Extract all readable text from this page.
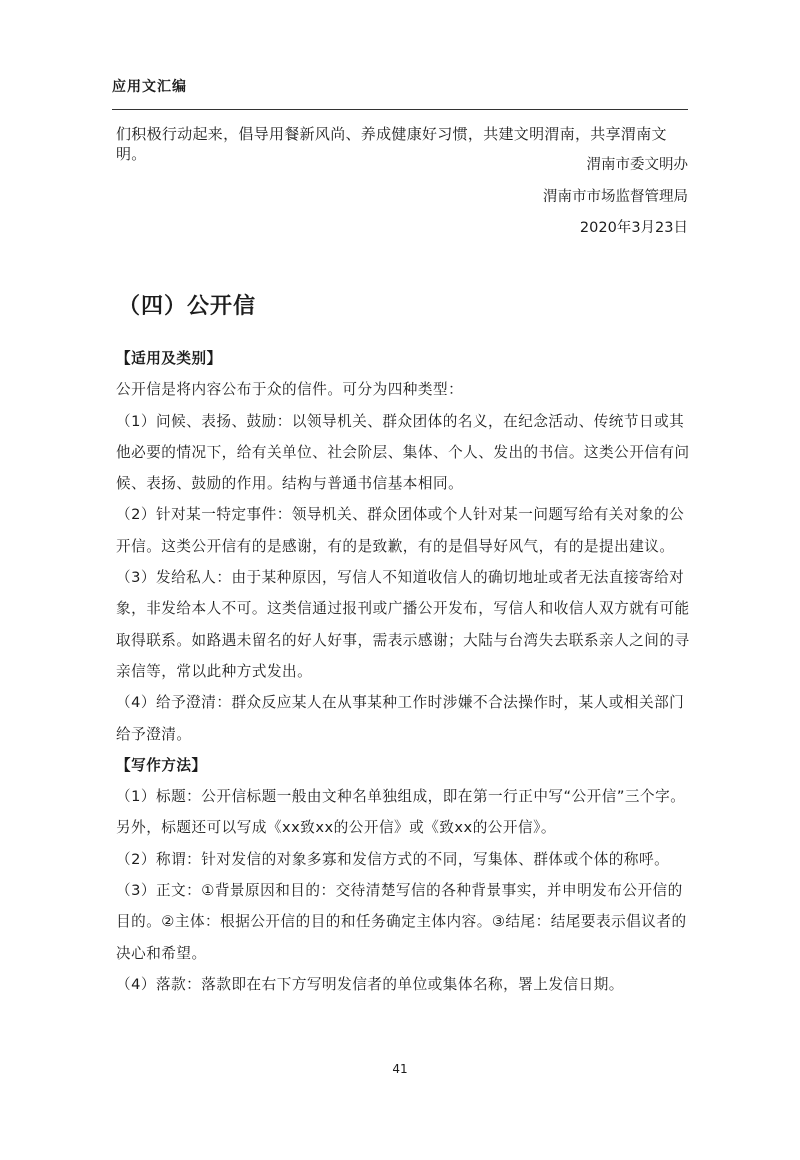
应用文汇编
们积极行动起来，倡导用餐新风尚、养成健康好习惯，共建文明渭南，共享渭南文明。
渭南市委文明办
渭南市市场监督管理局
2020年3月23日
（四）公开信

【适用及类别】

公开信是将内容公布于众的信件。可分为四种类型：

（1）问候、表扬、鼓励：以领导机关、群众团体的名义，在纪念活动、传统节日或其他必要的情况下，给有关单位、社会阶层、集体、个人、发出的书信。这类公开信有问候、表扬、鼓励的作用。结构与普通书信基本相同。

（2）针对某一特定事件：领导机关、群众团体或个人针对某一问题写给有关对象的公开信。这类公开信有的是感谢，有的是致歉，有的是倡导好风气，有的是提出建议。

（3）发给私人：由于某种原因，写信人不知道收信人的确切地址或者无法直接寄给对象，非发给本人不可。这类信通过报刊或广播公开发布，写信人和收信人双方就有可能取得联系。如路遇未留名的好人好事，需表示感谢；大陆与台湾失去联系亲人之间的寻亲信等，常以此种方式发出。

（4）给予澄清：群众反应某人在从事某种工作时涉嫌不合法操作时，某人或相关部门给予澄清。

【写作方法】

（1）标题：公开信标题一般由文种名单独组成，即在第一行正中写“公开信”三个字。另外，标题还可以写成《xx致xx的公开信》或《致xx的公开信》。

（2）称谓：针对发信的对象多寡和发信方式的不同，写集体、群体或个体的称呼。

（3）正文：①背景原因和目的：交待清楚写信的各种背景事实，并申明发布公开信的目的。②主体：根据公开信的目的和任务确定主体内容。③结尾：结尾要表示倡议者的决心和希望。

（4）落款：落款即在右下方写明发信者的单位或集体名称，署上发信日期。

41
